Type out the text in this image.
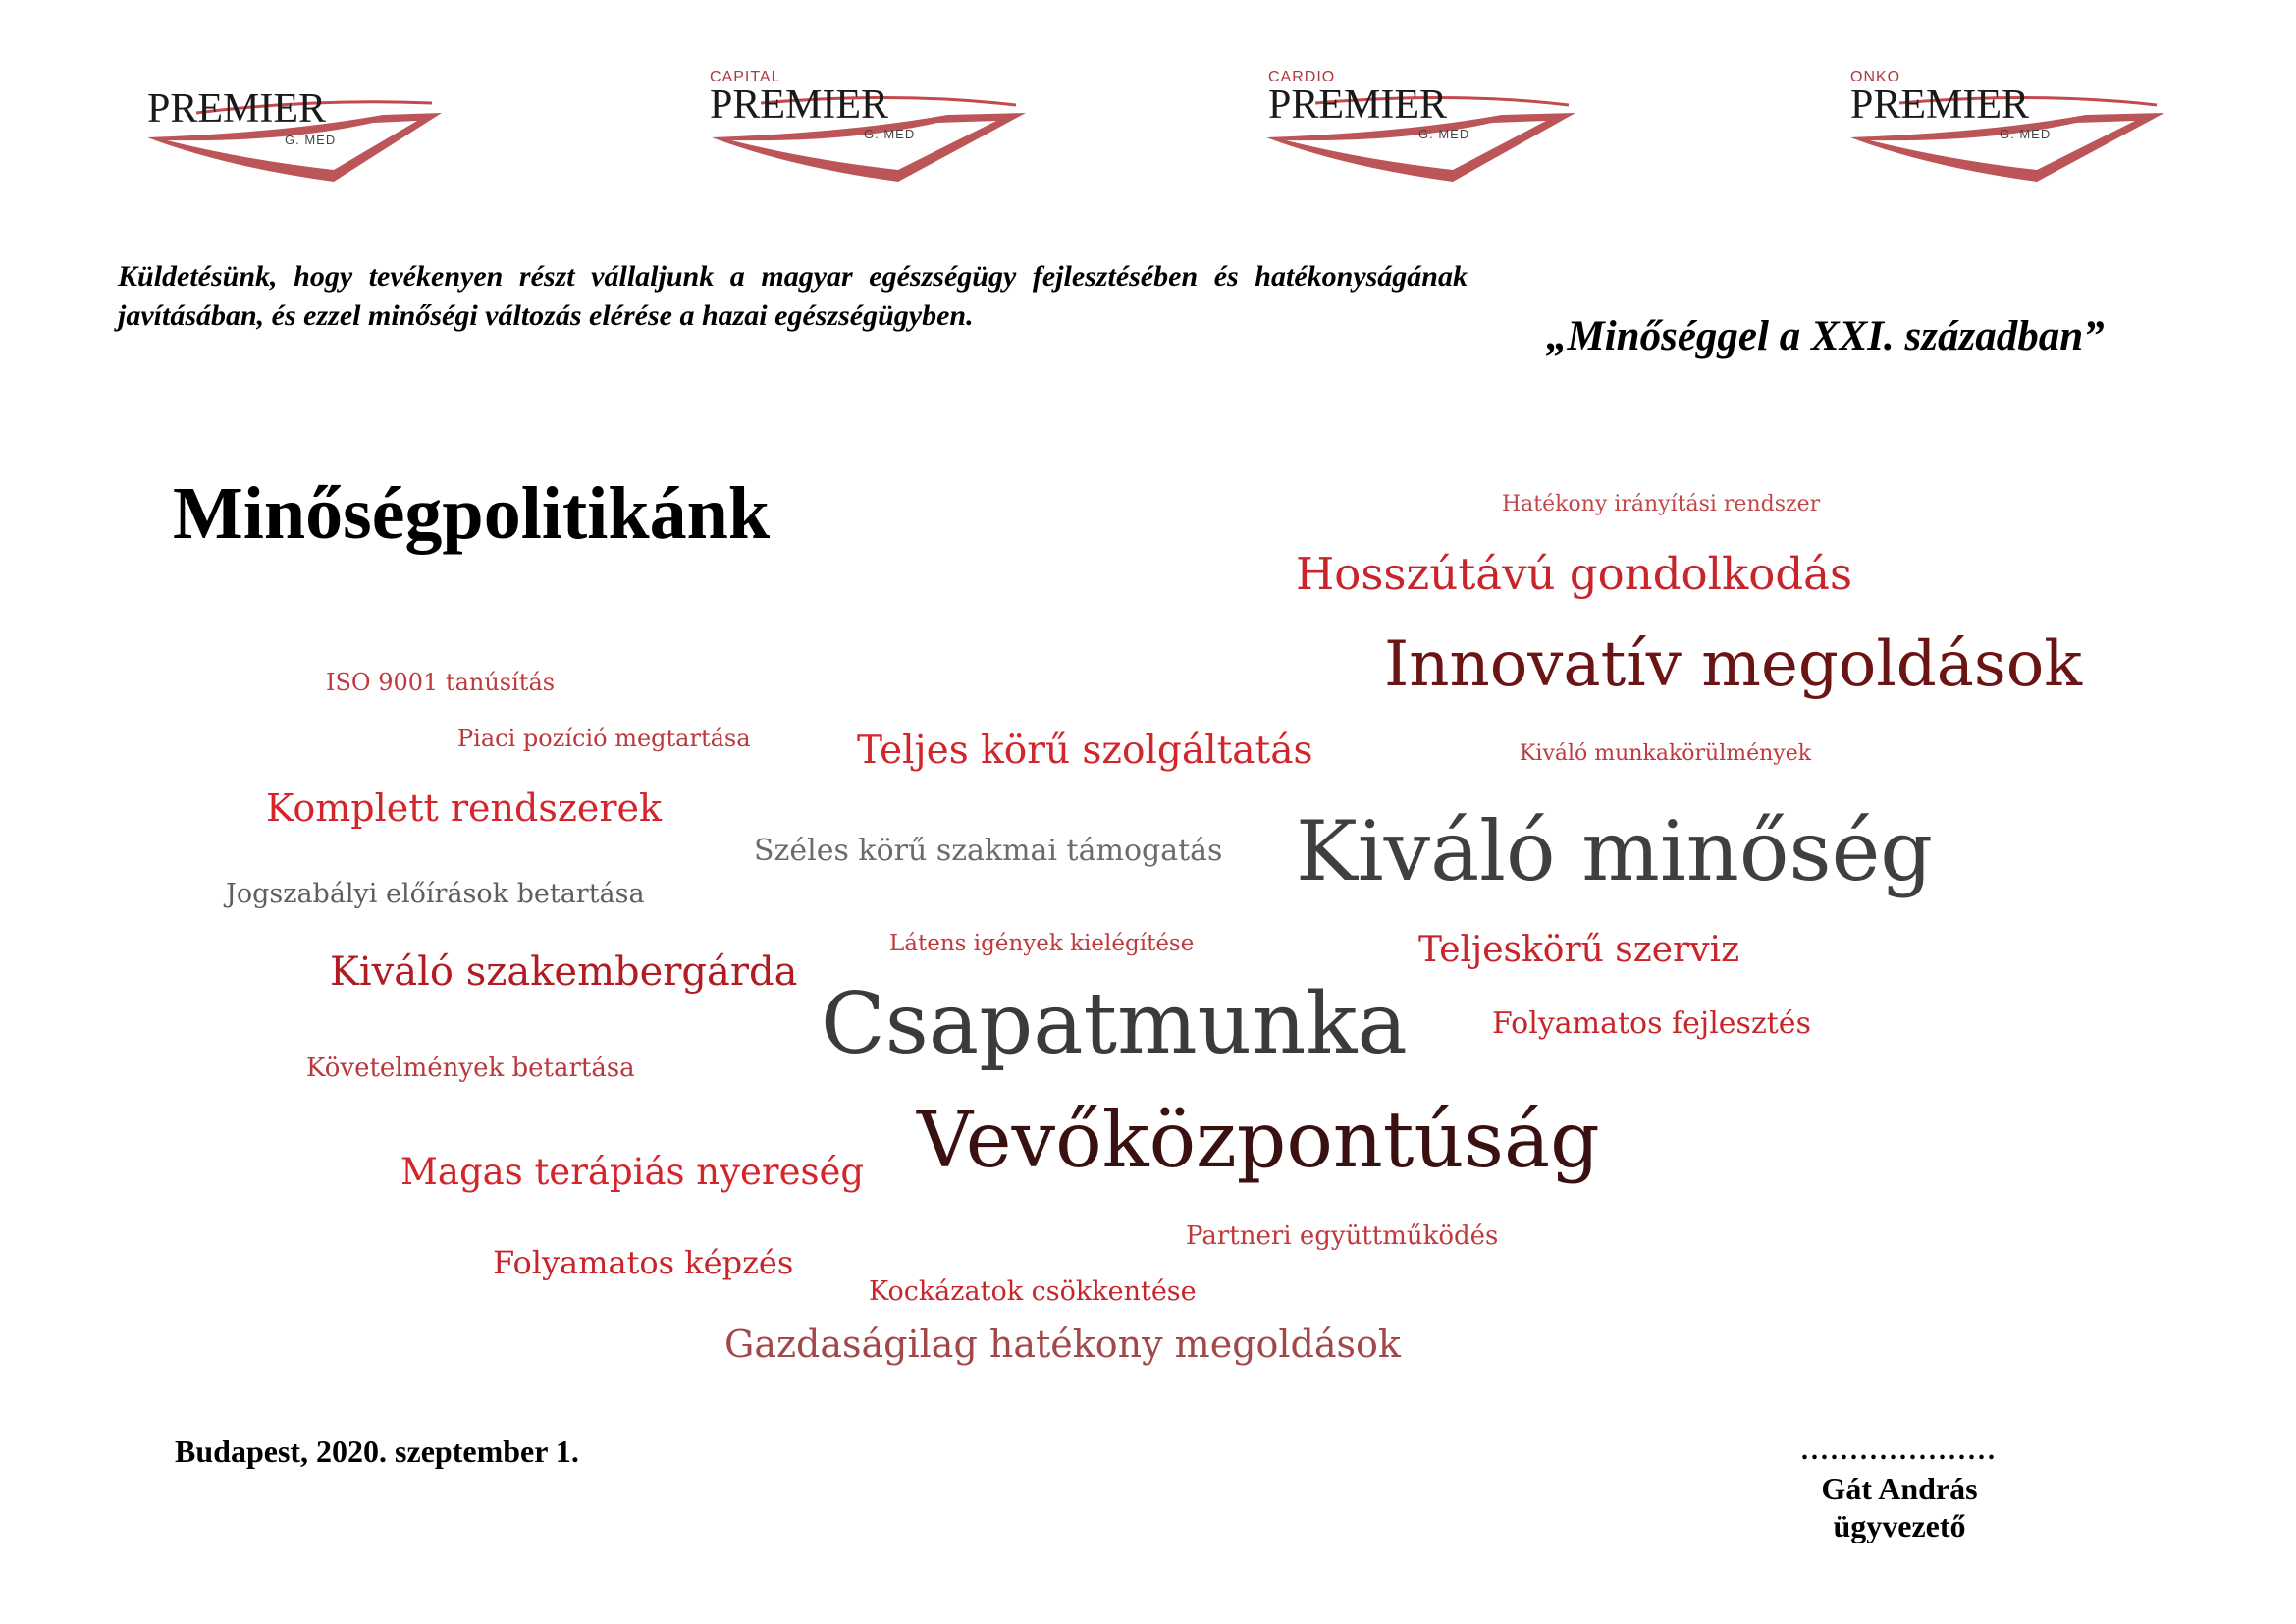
PREMIER
G. MED
CAPITAL
PREMIER
G. MED
CARDIO
PREMIER
G. MED
ONKO
PREMIER
G. MED
Küldetésünk, hogy tevékenyen részt vállaljunk a magyar egészségügy fejlesztésében és hatékonyságának javításában, és ezzel minőségi változás elérése a hazai egészségügyben.	„Minőséggel a XXI. században”
Minőségpolitikánk	Hatékony irányítási rendszer
Hosszútávú gondolkodás
Innovatív megoldások
ISO 9001 tanúsítás
Piaci pozíció megtartása	Teljes körű szolgáltatás	Kiváló munkakörülmények
Komplett rendszerek
Széles körű szakmai támogatás Kiváló minőség
Jogszabályi előírások betartása
Látens igények kielégítése	Teljeskörű szerviz
Kiváló szakembergárda
Csapatmunka	Folyamatos fejlesztés
Követelmények betartása
Vevőközpontúság
Magas terápiás nyereség
Partneri együttműködés
Folyamatos képzés
Kockázatok csökkentése
Gazdaságilag hatékony megoldások
Budapest, 2020. szeptember 1.	....................
Gát András
ügyvezető
